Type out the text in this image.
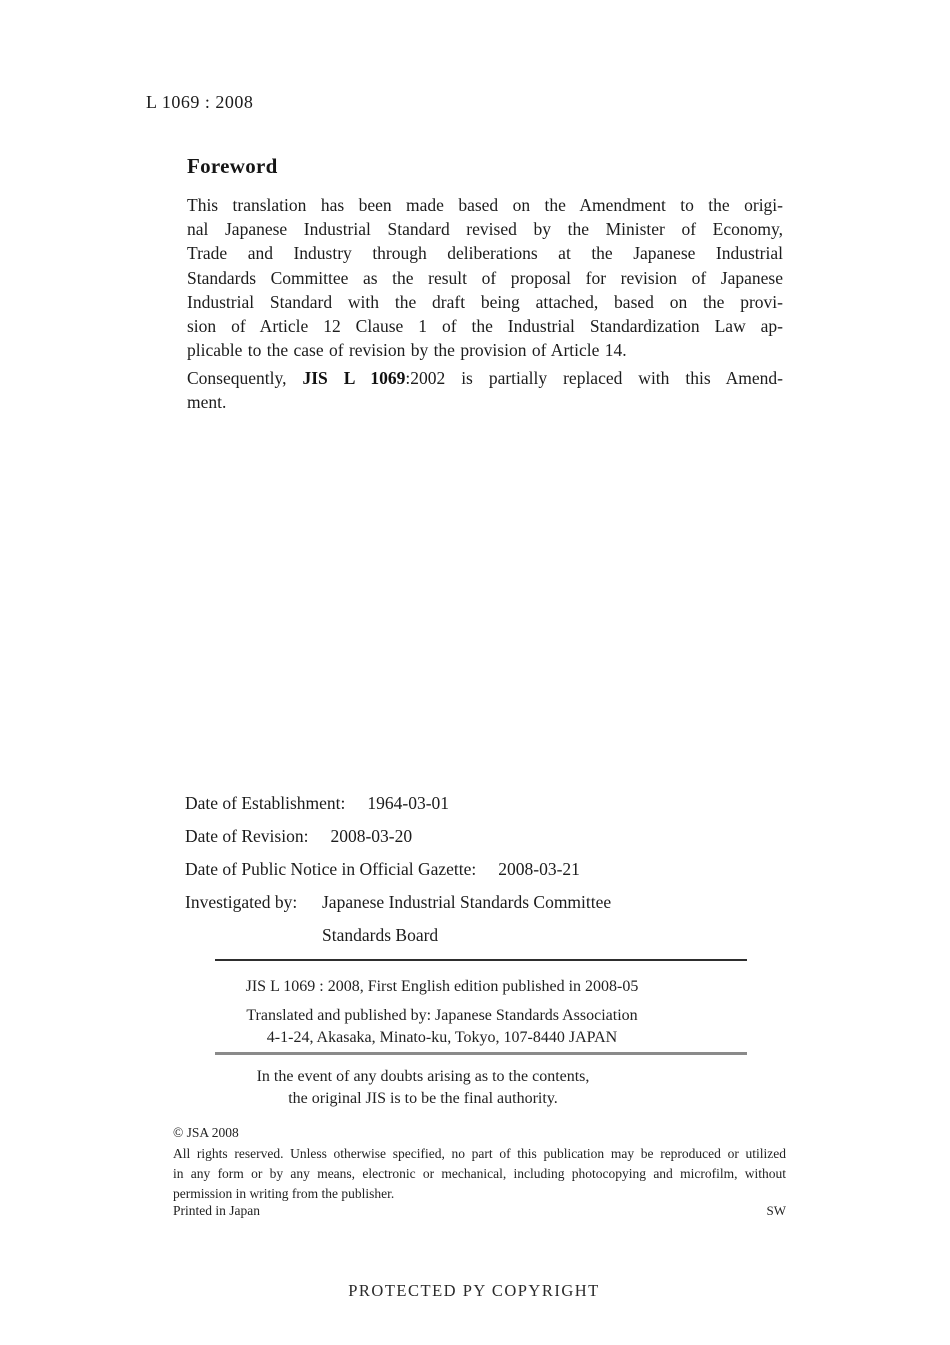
L 1069 : 2008
Foreword
This translation has been made based on the Amendment to the origi-
nal Japanese Industrial Standard revised by the Minister of Economy,
Trade and Industry through deliberations at the Japanese Industrial
Standards Committee as the result of proposal for revision of Japanese
Industrial Standard with the draft being attached, based on the provi-
sion of Article 12 Clause 1 of the Industrial Standardization Law ap-
plicable to the case of revision by the provision of Article 14.
Consequently, JIS L 1069:2002 is partially replaced with this Amend-
ment.
Date of Establishment: 1964-03-01
Date of Revision: 2008-03-20
Date of Public Notice in Official Gazette: 2008-03-21
Investigated by:	Japanese Industrial Standards Committee
Standards Board
JIS L 1069 : 2008, First English edition published in 2008-05
Translated and published by: Japanese Standards Association
4-1-24, Akasaka, Minato-ku, Tokyo, 107-8440 JAPAN
In the event of any doubts arising as to the contents,
the original JIS is to be the final authority.
© JSA 2008
All rights reserved. Unless otherwise specified, no part of this publication may be reproduced or utilized
in any form or by any means, electronic or mechanical, including photocopying and microfilm, without
permission in writing from the publisher.
Printed in Japan	SW
PROTECTED PY COPYRIGHT
